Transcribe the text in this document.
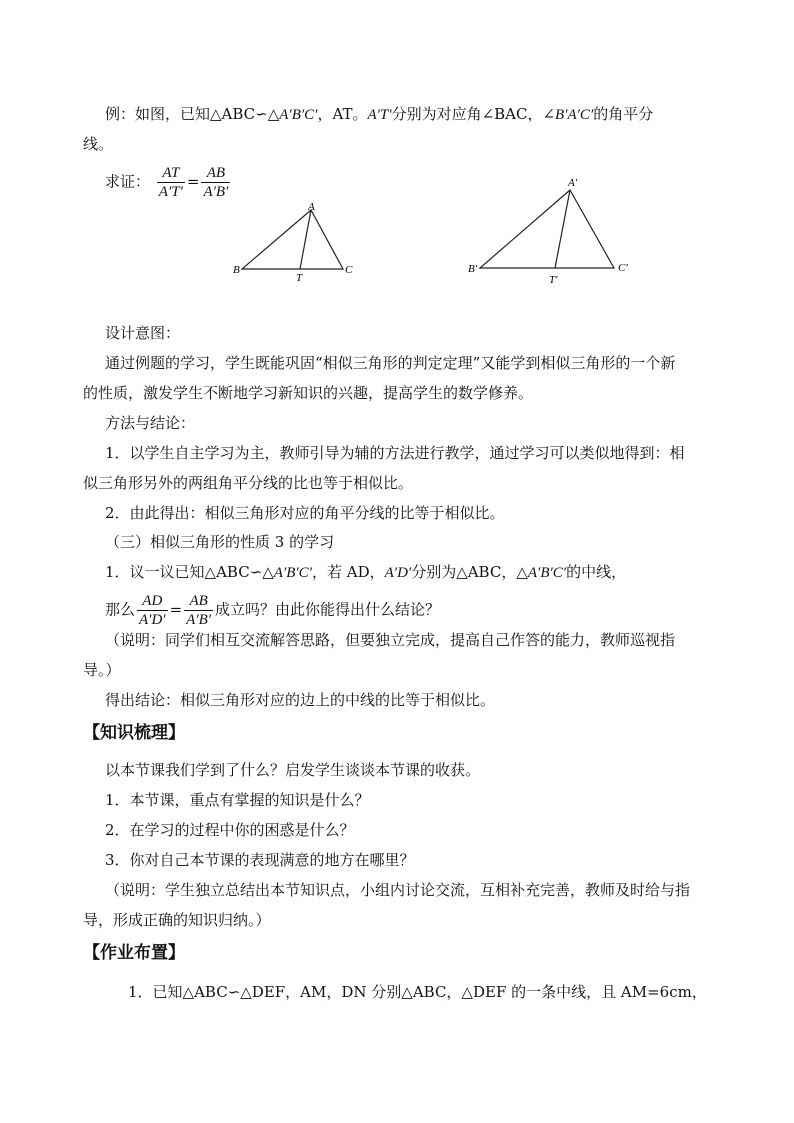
例：如图，已知△ABC∽△A′B′C′，AT。A′T′分别为对应角∠BAC，∠B′A′C′的角平分
线。
求证： $\frac{AT}{A'T'} = \frac{AB}{A'B'}$
A
B	C
T
A′
B′	C′
T′
设计意图：
通过例题的学习，学生既能巩固“相似三角形的判定定理”又能学到相似三角形的一个新
的性质，激发学生不断地学习新知识的兴趣，提高学生的数学修养。
方法与结论：
1．以学生自主学习为主，教师引导为辅的方法进行教学，通过学习可以类似地得到：相
似三角形另外的两组角平分线的比也等于相似比。
2．由此得出：相似三角形对应的角平分线的比等于相似比。
（三）相似三角形的性质 3 的学习
1．议一议已知△ABC∽△A′B′C′，若 AD，A′D′分别为△ABC，△A′B′C′的中线，
那么 $\frac{AD}{A'D'} = \frac{AB}{A'B'}$ 成立吗？由此你能得出什么结论？
（说明：同学们相互交流解答思路，但要独立完成，提高自己作答的能力，教师巡视指
导。）
得出结论：相似三角形对应的边上的中线的比等于相似比。
【知识梳理】
以本节课我们学到了什么？启发学生谈谈本节课的收获。
1．本节课，重点有掌握的知识是什么？
2．在学习的过程中你的困惑是什么？
3．你对自己本节课的表现满意的地方在哪里？
（说明：学生独立总结出本节知识点，小组内讨论交流，互相补充完善，教师及时给与指
导，形成正确的知识归纳。）
【作业布置】
1．已知△ABC∽△DEF，AM，DN 分别△ABC，△DEF 的一条中线，且 AM=6cm，
